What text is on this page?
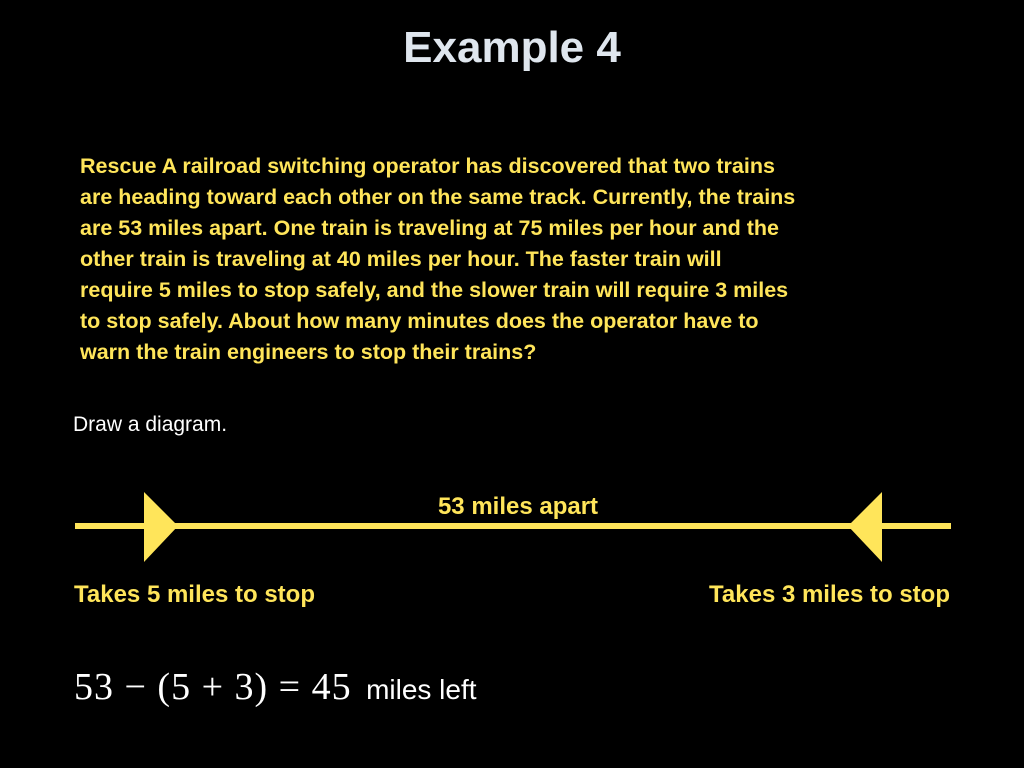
Example 4
Rescue A railroad switching operator has discovered that two trains
are heading toward each other on the same track. Currently, the trains
are 53 miles apart. One train is traveling at 75 miles per hour and the
other train is traveling at 40 miles per hour. The faster train will
require 5 miles to stop safely, and the slower train will require 3 miles
to stop safely. About how many minutes does the operator have to
warn the train engineers to stop their trains?
Draw a diagram.
53 miles apart
Takes 5 miles to stop	Takes 3 miles to stop
53 − (5 + 3) = 45 miles left
